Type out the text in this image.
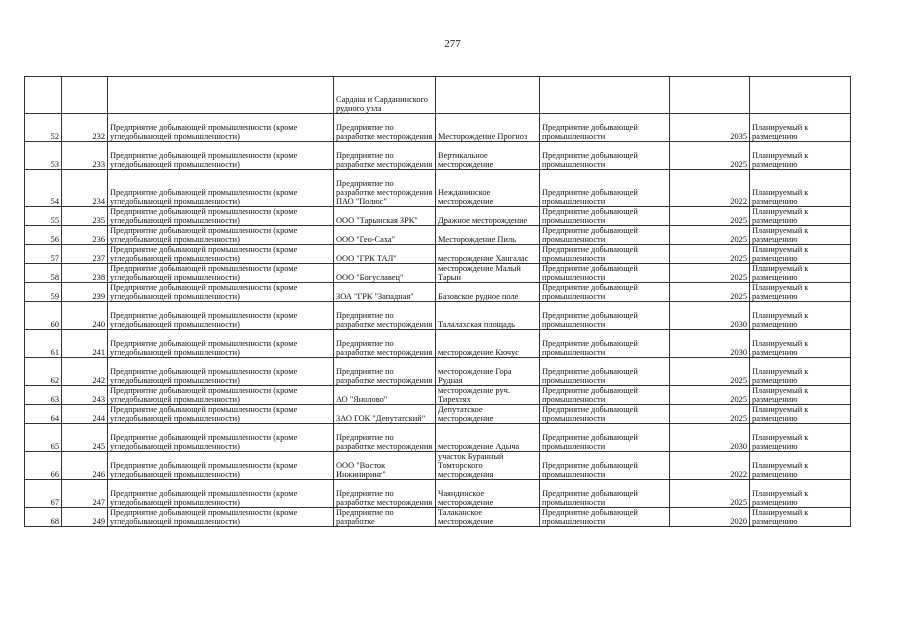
277
			Сардана и Сарданинского рудного узла				
52	232	Предприятие добывающей промышленности (кроме угледобывающей промышленности)	Предприятие по разработке месторождения	Месторождение Прогноз	Предприятие добывающей промышленности	2035	Планируемый к размещению
53	233	Предприятие добывающей промышленности (кроме угледобывающей промышленности)	Предприятие по разработке месторождения	Вертикальное месторождение	Предприятие добывающей промышленности	2025	Планируемый к размещению
54	234	Предприятие добывающей промышленности (кроме угледобывающей промышленности)	Предприятие по разработке месторождения ПАО "Полюс"	Нежданинское месторождение	Предприятие добывающей промышленности	2022	Планируемый к размещению
55	235	Предприятие добывающей промышленности (кроме угледобывающей промышленности)	ООО "Тарынская ЗРК"	Дражное месторождение	Предприятие добывающей промышленности	2025	Планируемый к размещению
56	236	Предприятие добывающей промышленности (кроме угледобывающей промышленности)	ООО "Гео-Саха"	Месторождение Пиль	Предприятие добывающей промышленности	2025	Планируемый к размещению
57	237	Предприятие добывающей промышленности (кроме угледобывающей промышленности)	ООО "ГРК ТАЛ"	месторождение Хангалас	Предприятие добывающей промышленности	2025	Планируемый к размещению
58	238	Предприятие добывающей промышленности (кроме угледобывающей промышленности)	ООО "Богуславец"	месторождение Малый Тарын	Предприятие добывающей промышленности	2025	Планируемый к размещению
59	239	Предприятие добывающей промышленности (кроме угледобывающей промышленности)	ЗОА "ГРК "Западная"	Базовское рудное поле	Предприятие добывающей промышленности	2025	Планируемый к размещению
60	240	Предприятие добывающей промышленности (кроме угледобывающей промышленности)	Предприятие по разработке месторождения	Талалахская площадь	Предприятие добывающей промышленности	2030	Планируемый к размещению
61	241	Предприятие добывающей промышленности (кроме угледобывающей промышленности)	Предприятие по разработке месторождения	месторождение Кючус	Предприятие добывающей промышленности	2030	Планируемый к размещению
62	242	Предприятие добывающей промышленности (кроме угледобывающей промышленности)	Предприятие по разработке месторождения	месторождение Гора Рудная	Предприятие добывающей промышленности	2025	Планируемый к размещению
63	243	Предприятие добывающей промышленности (кроме угледобывающей промышленности)	АО "Янолово"	месторождение руч. Тирехтях	Предприятие добывающей промышленности	2025	Планируемый к размещению
64	244	Предприятие добывающей промышленности (кроме угледобывающей промышленности)	ЗАО ГОК "Депутатский"	Депутатское месторождение	Предприятие добывающей промышленности	2025	Планируемый к размещению
65	245	Предприятие добывающей промышленности (кроме угледобывающей промышленности)	Предприятие по разработке месторождения	месторождение Адыча	Предприятие добывающей промышленности	2030	Планируемый к размещению
66	246	Предприятие добывающей промышленности (кроме угледобывающей промышленности)	ООО "Восток Инжиниринг"	участок Буранный Томторского месторождения	Предприятие добывающей промышленности	2022	Планируемый к размещению
67	247	Предприятие добывающей промышленности (кроме угледобывающей промышленности)	Предприятие по разработке месторождения	Чаяндинское месторождение	Предприятие добывающей промышленности	2025	Планируемый к размещению
68	249	Предприятие добывающей промышленности (кроме угледобывающей промышленности)	Предприятие по разработке	Талаканское месторождение	Предприятие добывающей промышленности	2020	Планируемый к размещению
